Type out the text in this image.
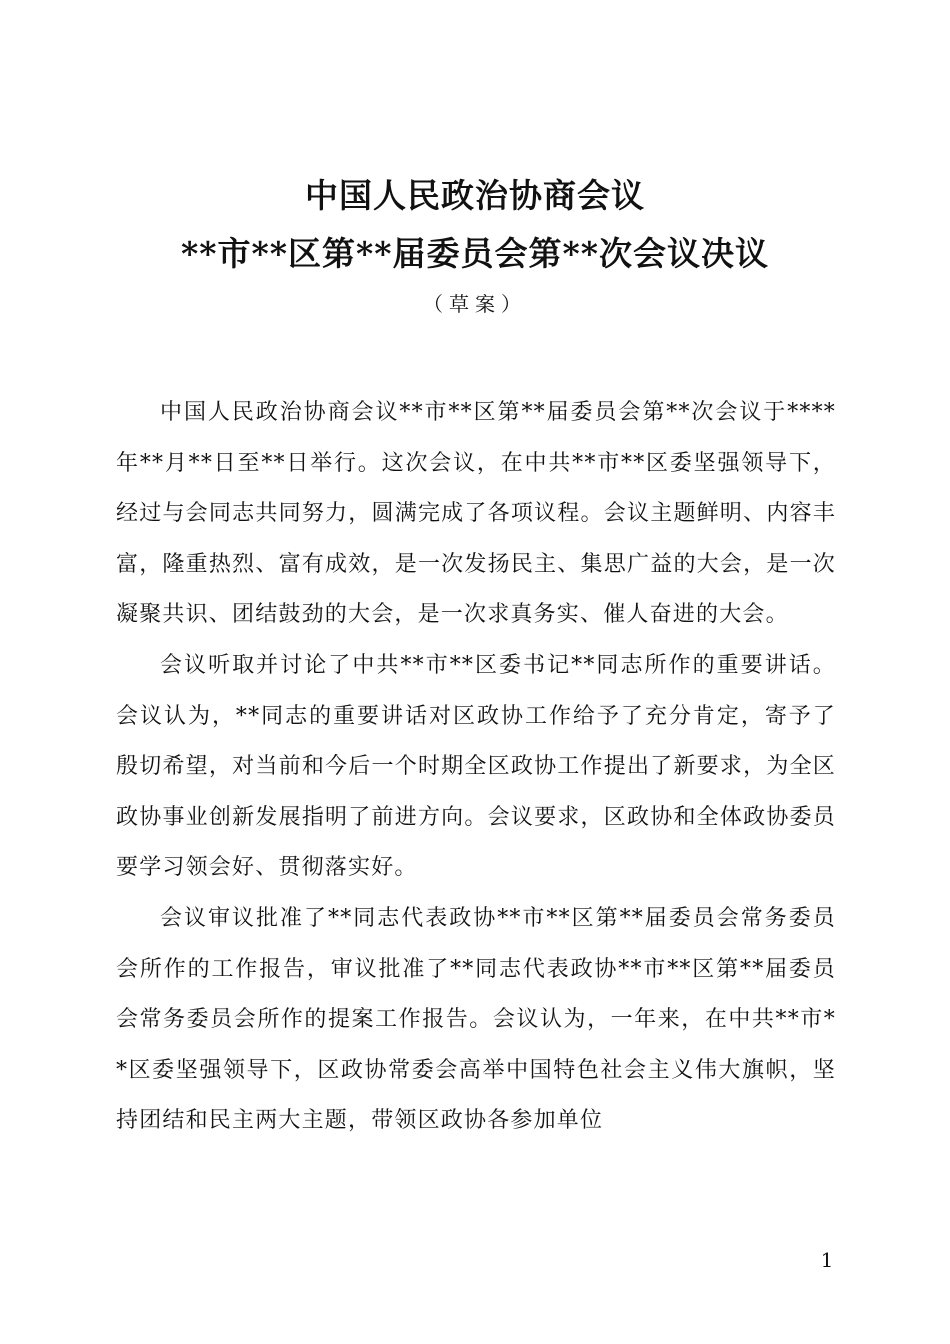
中国人民政治协商会议
**市**区第**届委员会第**次会议决议
（草案）

中国人民政治协商会议**市**区第**届委员会第**次会议于****年**月**日至**日举行。这次会议，在中共**市**区委坚强领导下，经过与会同志共同努力，圆满完成了各项议程。会议主题鲜明、内容丰富，隆重热烈、富有成效，是一次发扬民主、集思广益的大会，是一次凝聚共识、团结鼓劲的大会，是一次求真务实、催人奋进的大会。

会议听取并讨论了中共**市**区委书记**同志所作的重要讲话。会议认为，**同志的重要讲话对区政协工作给予了充分肯定，寄予了殷切希望，对当前和今后一个时期全区政协工作提出了新要求，为全区政协事业创新发展指明了前进方向。会议要求，区政协和全体政协委员要学习领会好、贯彻落实好。

会议审议批准了**同志代表政协**市**区第**届委员会常务委员会所作的工作报告，审议批准了**同志代表政协**市**区第**届委员会常务委员会所作的提案工作报告。会议认为，一年来，在中共**市**区委坚强领导下，区政协常委会高举中国特色社会主义伟大旗帜，坚持团结和民主两大主题，带领区政协各参加单位

1
